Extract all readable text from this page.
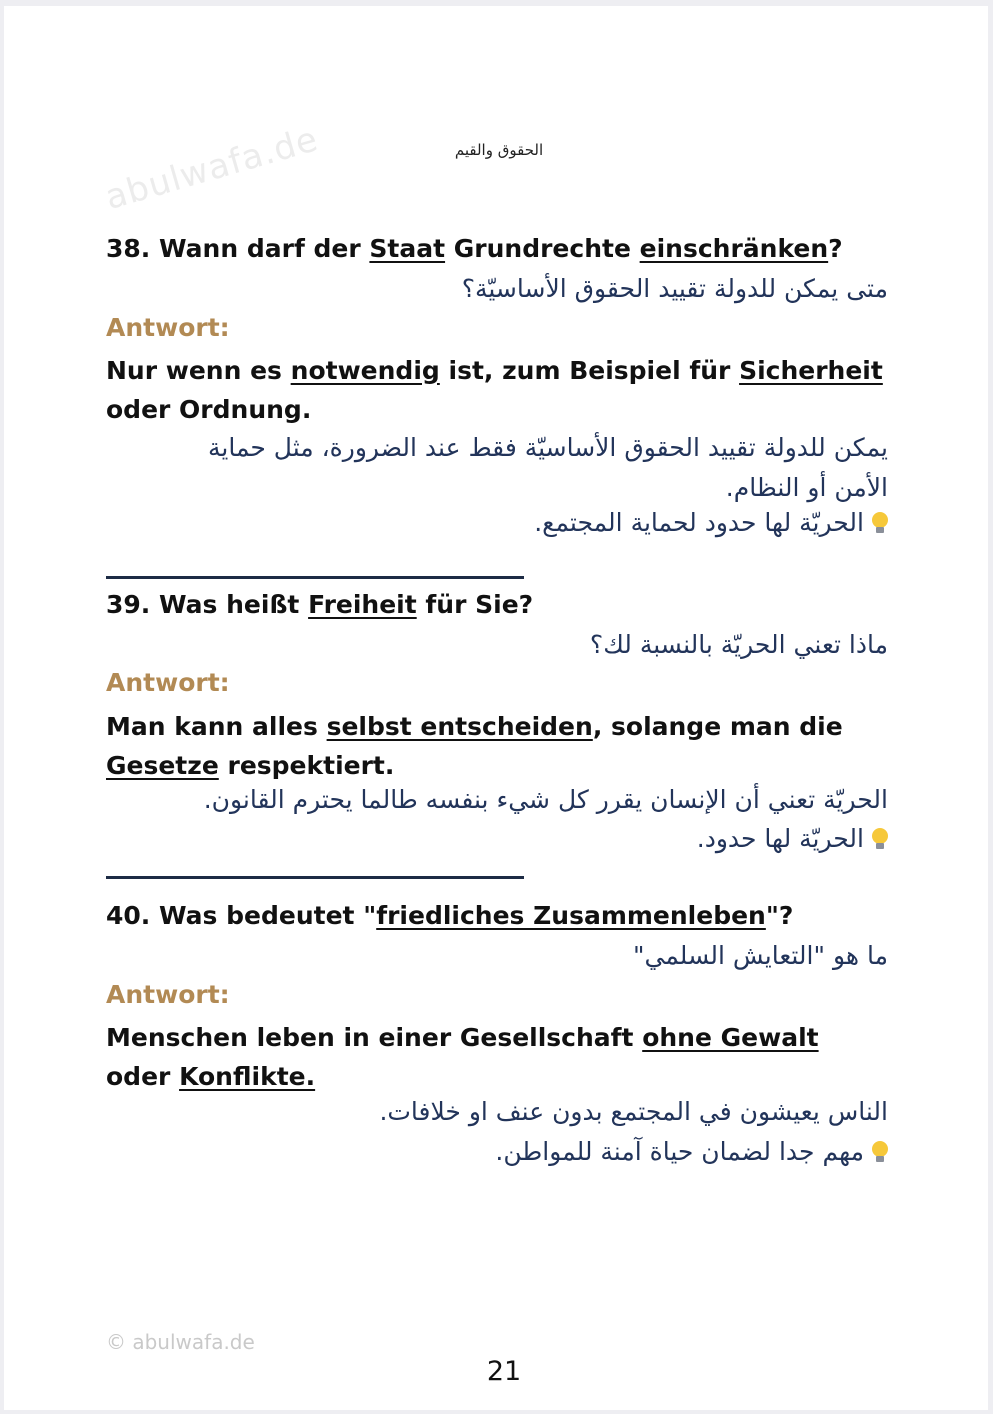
abulwafa.de	الحقوق والقيم
38. Wann darf der Staat Grundrechte einschränken?
متى يمكن للدولة تقييد الحقوق الأساسيّة؟
Antwort:
Nur wenn es notwendig ist, zum Beispiel für Sicherheit oder Ordnung.
يمكن للدولة تقييد الحقوق الأساسيّة فقط عند الضرورة، مثل حماية الأمن أو النظام.
الحريّة لها حدود لحماية المجتمع.
39. Was heißt Freiheit für Sie?
ماذا تعني الحريّة بالنسبة لك؟
Antwort:
Man kann alles selbst entscheiden, solange man die Gesetze respektiert.
الحريّة تعني أن الإنسان يقرر كل شيء بنفسه طالما يحترم القانون.
الحريّة لها حدود.
40. Was bedeutet "friedliches Zusammenleben"?
ما هو "التعايش السلمي"
Antwort:
Menschen leben in einer Gesellschaft ohne Gewalt oder Konflikte.
الناس يعيشون في المجتمع بدون عنف او خلافات.
مهم جدا لضمان حياة آمنة للمواطن.
© abulwafa.de
21
